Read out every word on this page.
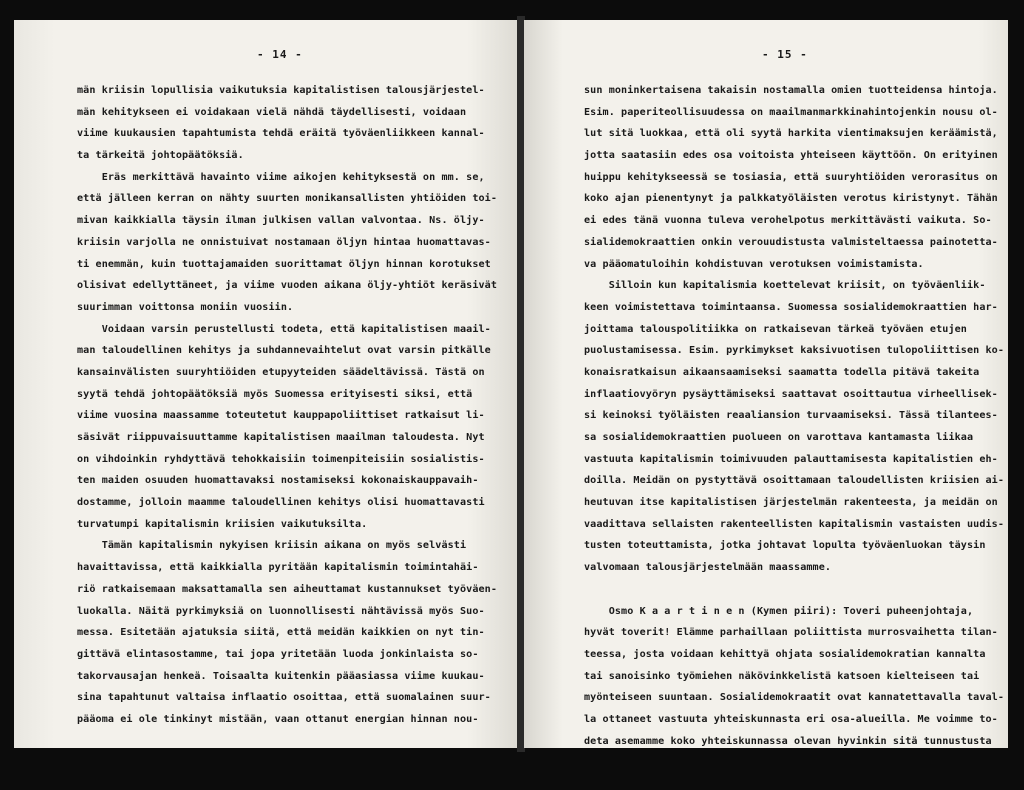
- 14 -
män kriisin lopullisia vaikutuksia kapitalistisen talousjärjestel-
män kehitykseen ei voidakaan vielä nähdä täydellisesti, voidaan
viime kuukausien tapahtumista tehdä eräitä työväenliikkeen kannal-
ta tärkeitä johtopäätöksiä.
Eräs merkittävä havainto viime aikojen kehityksestä on mm. se,
että jälleen kerran on nähty suurten monikansallisten yhtiöiden toi-
mivan kaikkialla täysin ilman julkisen vallan valvontaa. Ns. öljy-
kriisin varjolla ne onnistuivat nostamaan öljyn hintaa huomattavas-
ti enemmän, kuin tuottajamaiden suorittamat öljyn hinnan korotukset
olisivat edellyttäneet, ja viime vuoden aikana öljy-yhtiöt keräsivät
suurimman voittonsa moniin vuosiin.
Voidaan varsin perustellusti todeta, että kapitalistisen maail-
man taloudellinen kehitys ja suhdannevaihtelut ovat varsin pitkälle
kansainvälisten suuryhtiöiden etupyyteiden säädeltävissä. Tästä on
syytä tehdä johtopäätöksiä myös Suomessa erityisesti siksi, että
viime vuosina maassamme toteutetut kauppapoliittiset ratkaisut li-
säsivät riippuvaisuuttamme kapitalistisen maailman taloudesta. Nyt
on vihdoinkin ryhdyttävä tehokkaisiin toimenpiteisiin sosialistis-
ten maiden osuuden huomattavaksi nostamiseksi kokonaiskauppavaih-
dostamme, jolloin maamme taloudellinen kehitys olisi huomattavasti
turvatumpi kapitalismin kriisien vaikutuksilta.
Tämän kapitalismin nykyisen kriisin aikana on myös selvästi
havaittavissa, että kaikkialla pyritään kapitalismin toimintahäi-
riö ratkaisemaan maksattamalla sen aiheuttamat kustannukset työväen-
luokalla. Näitä pyrkimyksiä on luonnollisesti nähtävissä myös Suo-
messa. Esitetään ajatuksia siitä, että meidän kaikkien on nyt tin-
gittävä elintasostamme, tai jopa yritetään luoda jonkinlaista so-
takorvausajan henkeä. Toisaalta kuitenkin pääasiassa viime kuukau-
sina tapahtunut valtaisa inflaatio osoittaa, että suomalainen suur-
pääoma ei ole tinkinyt mistään, vaan ottanut energian hinnan nou-
- 15 -
sun moninkertaisena takaisin nostamalla omien tuotteidensa hintoja.
Esim. paperiteollisuudessa on maailmanmarkkinahintojenkin nousu ol-
lut sitä luokkaa, että oli syytä harkita vientimaksujen keräämistä,
jotta saatasiin edes osa voitoista yhteiseen käyttöön. On erityinen
huippu kehitykseessä se tosiasia, että suuryhtiöiden verorasitus on
koko ajan pienentynyt ja palkkatyöläisten verotus kiristynyt. Tähän
ei edes tänä vuonna tuleva verohelpotus merkittävästi vaikuta. So-
sialidemokraattien onkin verouudistusta valmisteltaessa painotetta-
va pääomatuloihin kohdistuvan verotuksen voimistamista.
Silloin kun kapitalismia koettelevat kriisit, on työväenliik-
keen voimistettava toimintaansa. Suomessa sosialidemokraattien har-
joittama talouspolitiikka on ratkaisevan tärkeä työväen etujen
puolustamisessa. Esim. pyrkimykset kaksivuotisen tulopoliittisen ko-
konaisratkaisun aikaansaamiseksi saamatta todella pitävä takeita
inflaatiovyöryn pysäyttämiseksi saattavat osoittautua virheellisek-
si keinoksi työläisten reaaliansion turvaamiseksi. Tässä tilantees-
sa sosialidemokraattien puolueen on varottava kantamasta liikaa
vastuuta kapitalismin toimivuuden palauttamisesta kapitalistien eh-
doilla. Meidän on pystyttävä osoittamaan taloudellisten kriisien ai-
heutuvan itse kapitalistisen järjestelmän rakenteesta, ja meidän on
vaadittava sellaisten rakenteellisten kapitalismin vastaisten uudis-
tusten toteuttamista, jotka johtavat lopulta työväenluokan täysin
valvomaan talousjärjestelmään maassamme.
Osmo K a a r t i n e n (Kymen piiri): Toveri puheenjohtaja,
hyvät toverit! Elämme parhaillaan poliittista murrosvaihetta tilan-
teessa, josta voidaan kehittyä ohjata sosialidemokratian kannalta
tai sanoisinko työmiehen näkövinkkelistä katsoen kielteiseen tai
myönteiseen suuntaan. Sosialidemokraatit ovat kannatettavalla taval-
la ottaneet vastuuta yhteiskunnasta eri osa-alueilla. Me voimme to-
deta asemamme koko yhteiskunnassa olevan hyvinkin sitä tunnustusta
